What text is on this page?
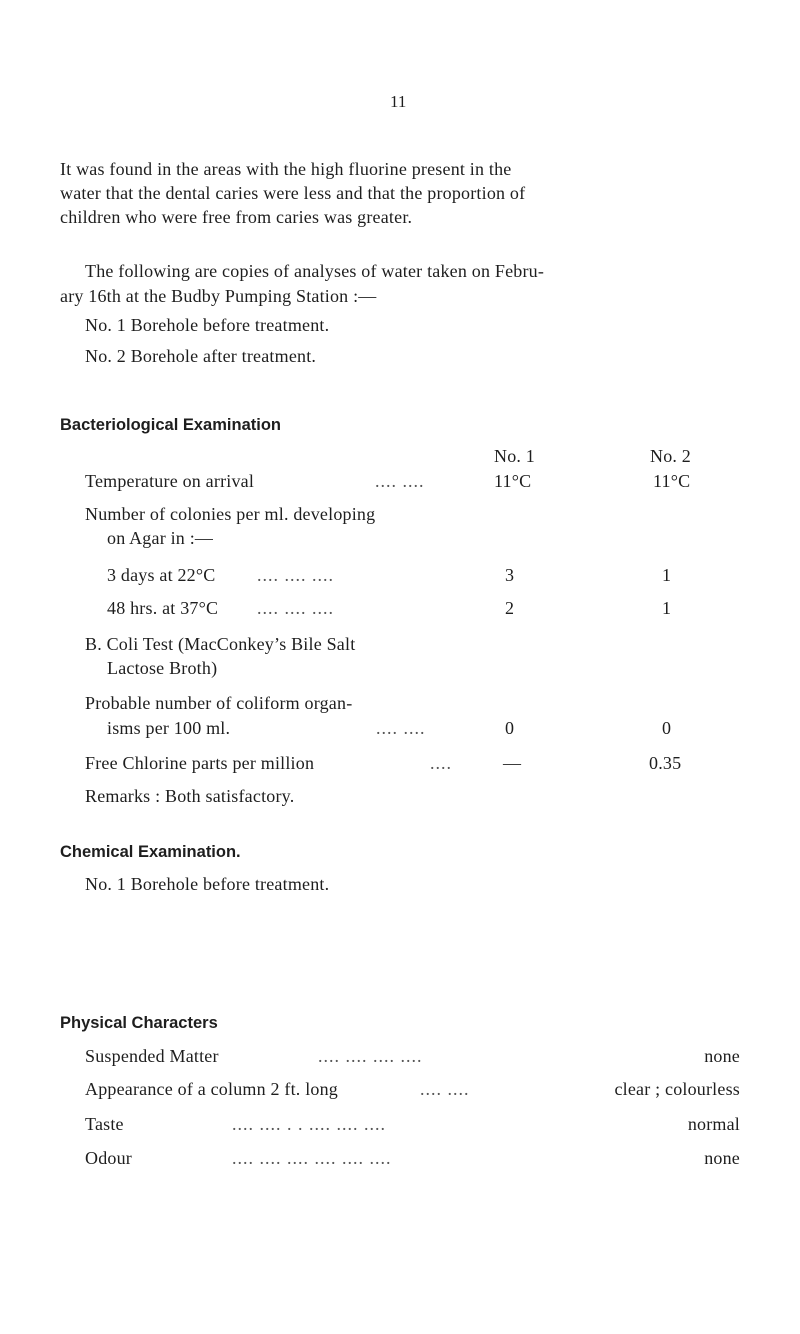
11
It was found in the areas with the high fluorine present in the
water that the dental caries were less and that the proportion of
children who were free from caries was greater.
The following are copies of analyses of water taken on Febru-
ary 16th at the Budby Pumping Station :—
No. 1 Borehole before treatment.
No. 2 Borehole after treatment.
Bacteriological Examination
No. 1	No. 2
Temperature on arrival	.... ....	11°C	11°C
Number of colonies per ml. developing
on Agar in :—
3 days at 22°C .... .... ....	3	1
48 hrs. at 37°C .... .... ....	2	1
B. Coli Test (MacConkey’s Bile Salt
Lactose Broth)
Probable number of coliform organ-
isms per 100 ml.	.... ....	0	0
Free Chlorine parts per million	....	—	0.35
Remarks : Both satisfactory.
Chemical Examination.
No. 1 Borehole before treatment.
Physical Characters
Suspended Matter	.... .... .... ....	none
Appearance of a column 2 ft. long	.... ....	clear ; colourless
Taste	.... .... . . .... .... ....	normal
Odour	.... .... .... .... .... ....	none
